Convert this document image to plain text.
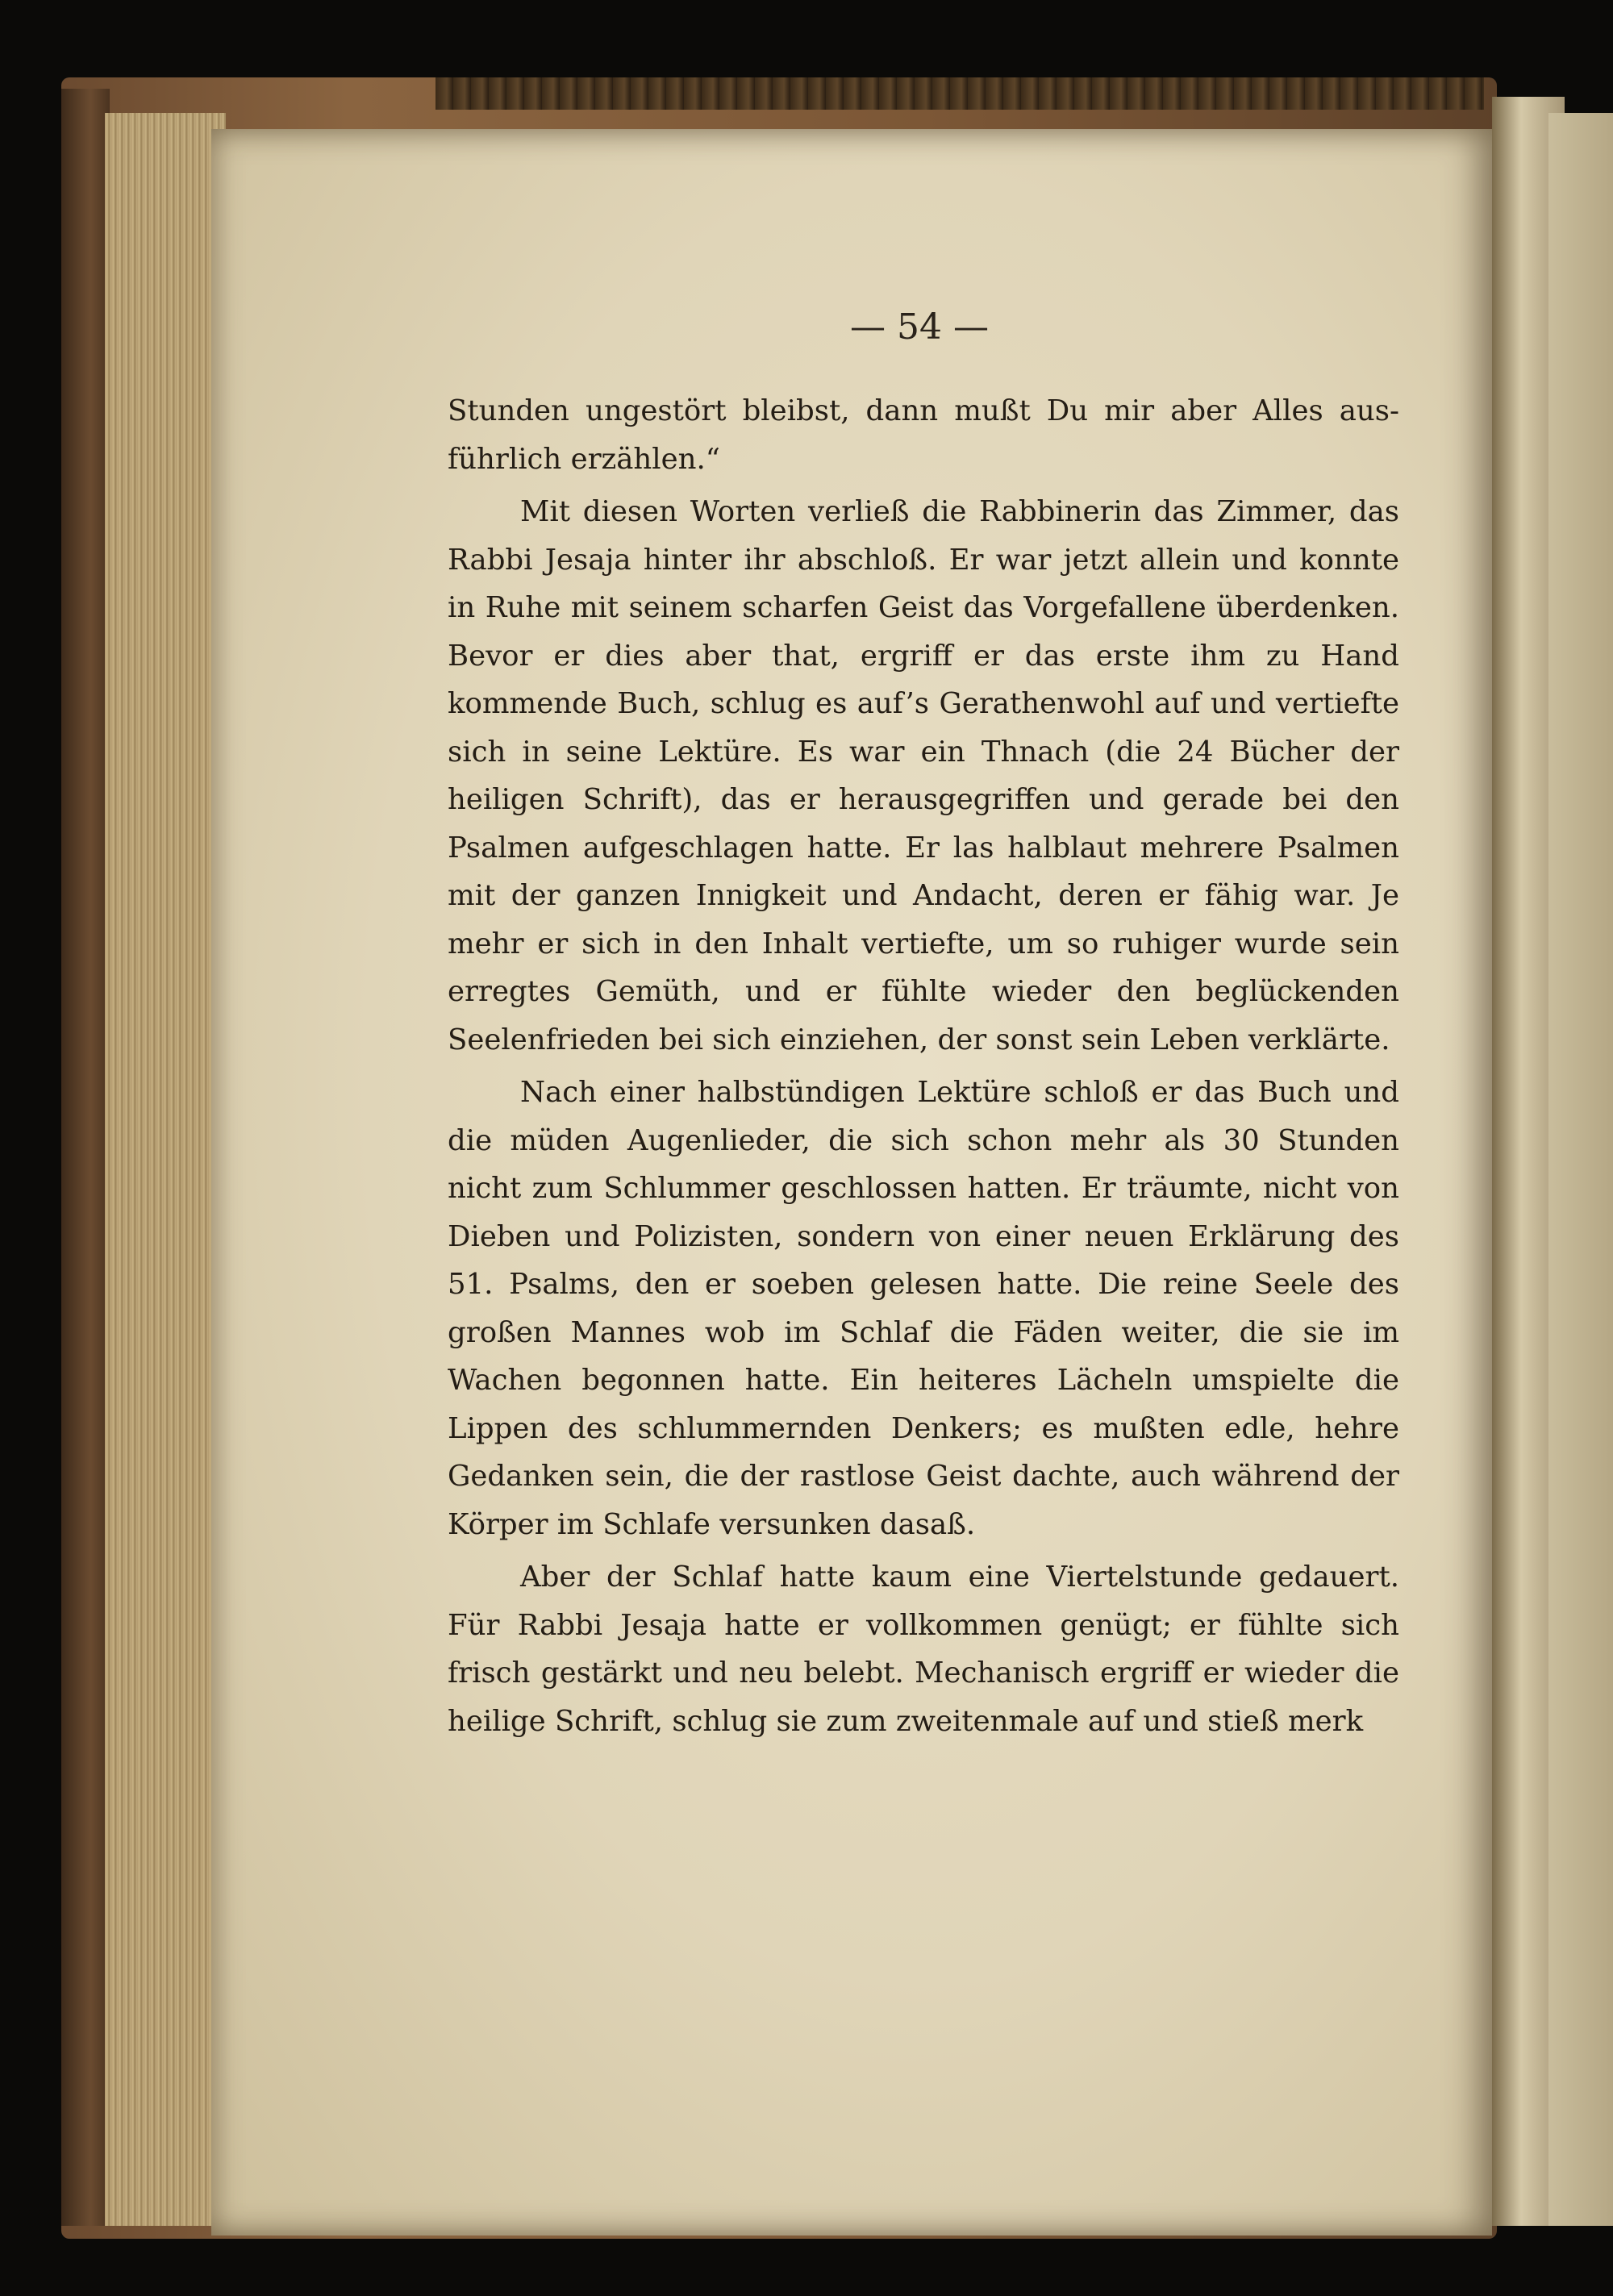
— 54 —

Stunden ungestört bleibst, dann mußt Du mir aber Alles ausführlich erzählen.“

Mit diesen Worten verließ die Rabbinerin das Zimmer, das Rabbi Jesaja hinter ihr abschloß. Er war jetzt allein und konnte in Ruhe mit seinem scharfen Geist das Vorgefallene überdenken. Bevor er dies aber that, ergriff er das erste ihm zu Hand kommende Buch, schlug es auf’s Gerathenwohl auf und vertiefte sich in seine Lektüre. Es war ein Thnach (die 24 Bücher der heiligen Schrift), das er herausgegriffen und gerade bei den Psalmen aufgeschlagen hatte. Er las halblaut mehrere Psalmen mit der ganzen Innigkeit und Andacht, deren er fähig war. Je mehr er sich in den Inhalt vertiefte, um so ruhiger wurde sein erregtes Gemüth, und er fühlte wieder den beglückenden Seelenfrieden bei sich einziehen, der sonst sein Leben verklärte.

Nach einer halbstündigen Lektüre schloß er das Buch und die müden Augenlieder, die sich schon mehr als 30 Stunden nicht zum Schlummer geschlossen hatten. Er träumte, nicht von Dieben und Polizisten, sondern von einer neuen Erklärung des 51. Psalms, den er soeben gelesen hatte. Die reine Seele des großen Mannes wob im Schlaf die Fäden weiter, die sie im Wachen begonnen hatte. Ein heiteres Lächeln umspielte die Lippen des schlummernden Denkers; es mußten edle, hehre Gedanken sein, die der rastlose Geist dachte, auch während der Körper im Schlafe versunken dasaß.

Aber der Schlaf hatte kaum eine Viertelstunde gedauert. Für Rabbi Jesaja hatte er vollkommen genügt; er fühlte sich frisch gestärkt und neu belebt. Mechanisch ergriff er wieder die heilige Schrift, schlug sie zum zweitenmale auf und stieß merk
